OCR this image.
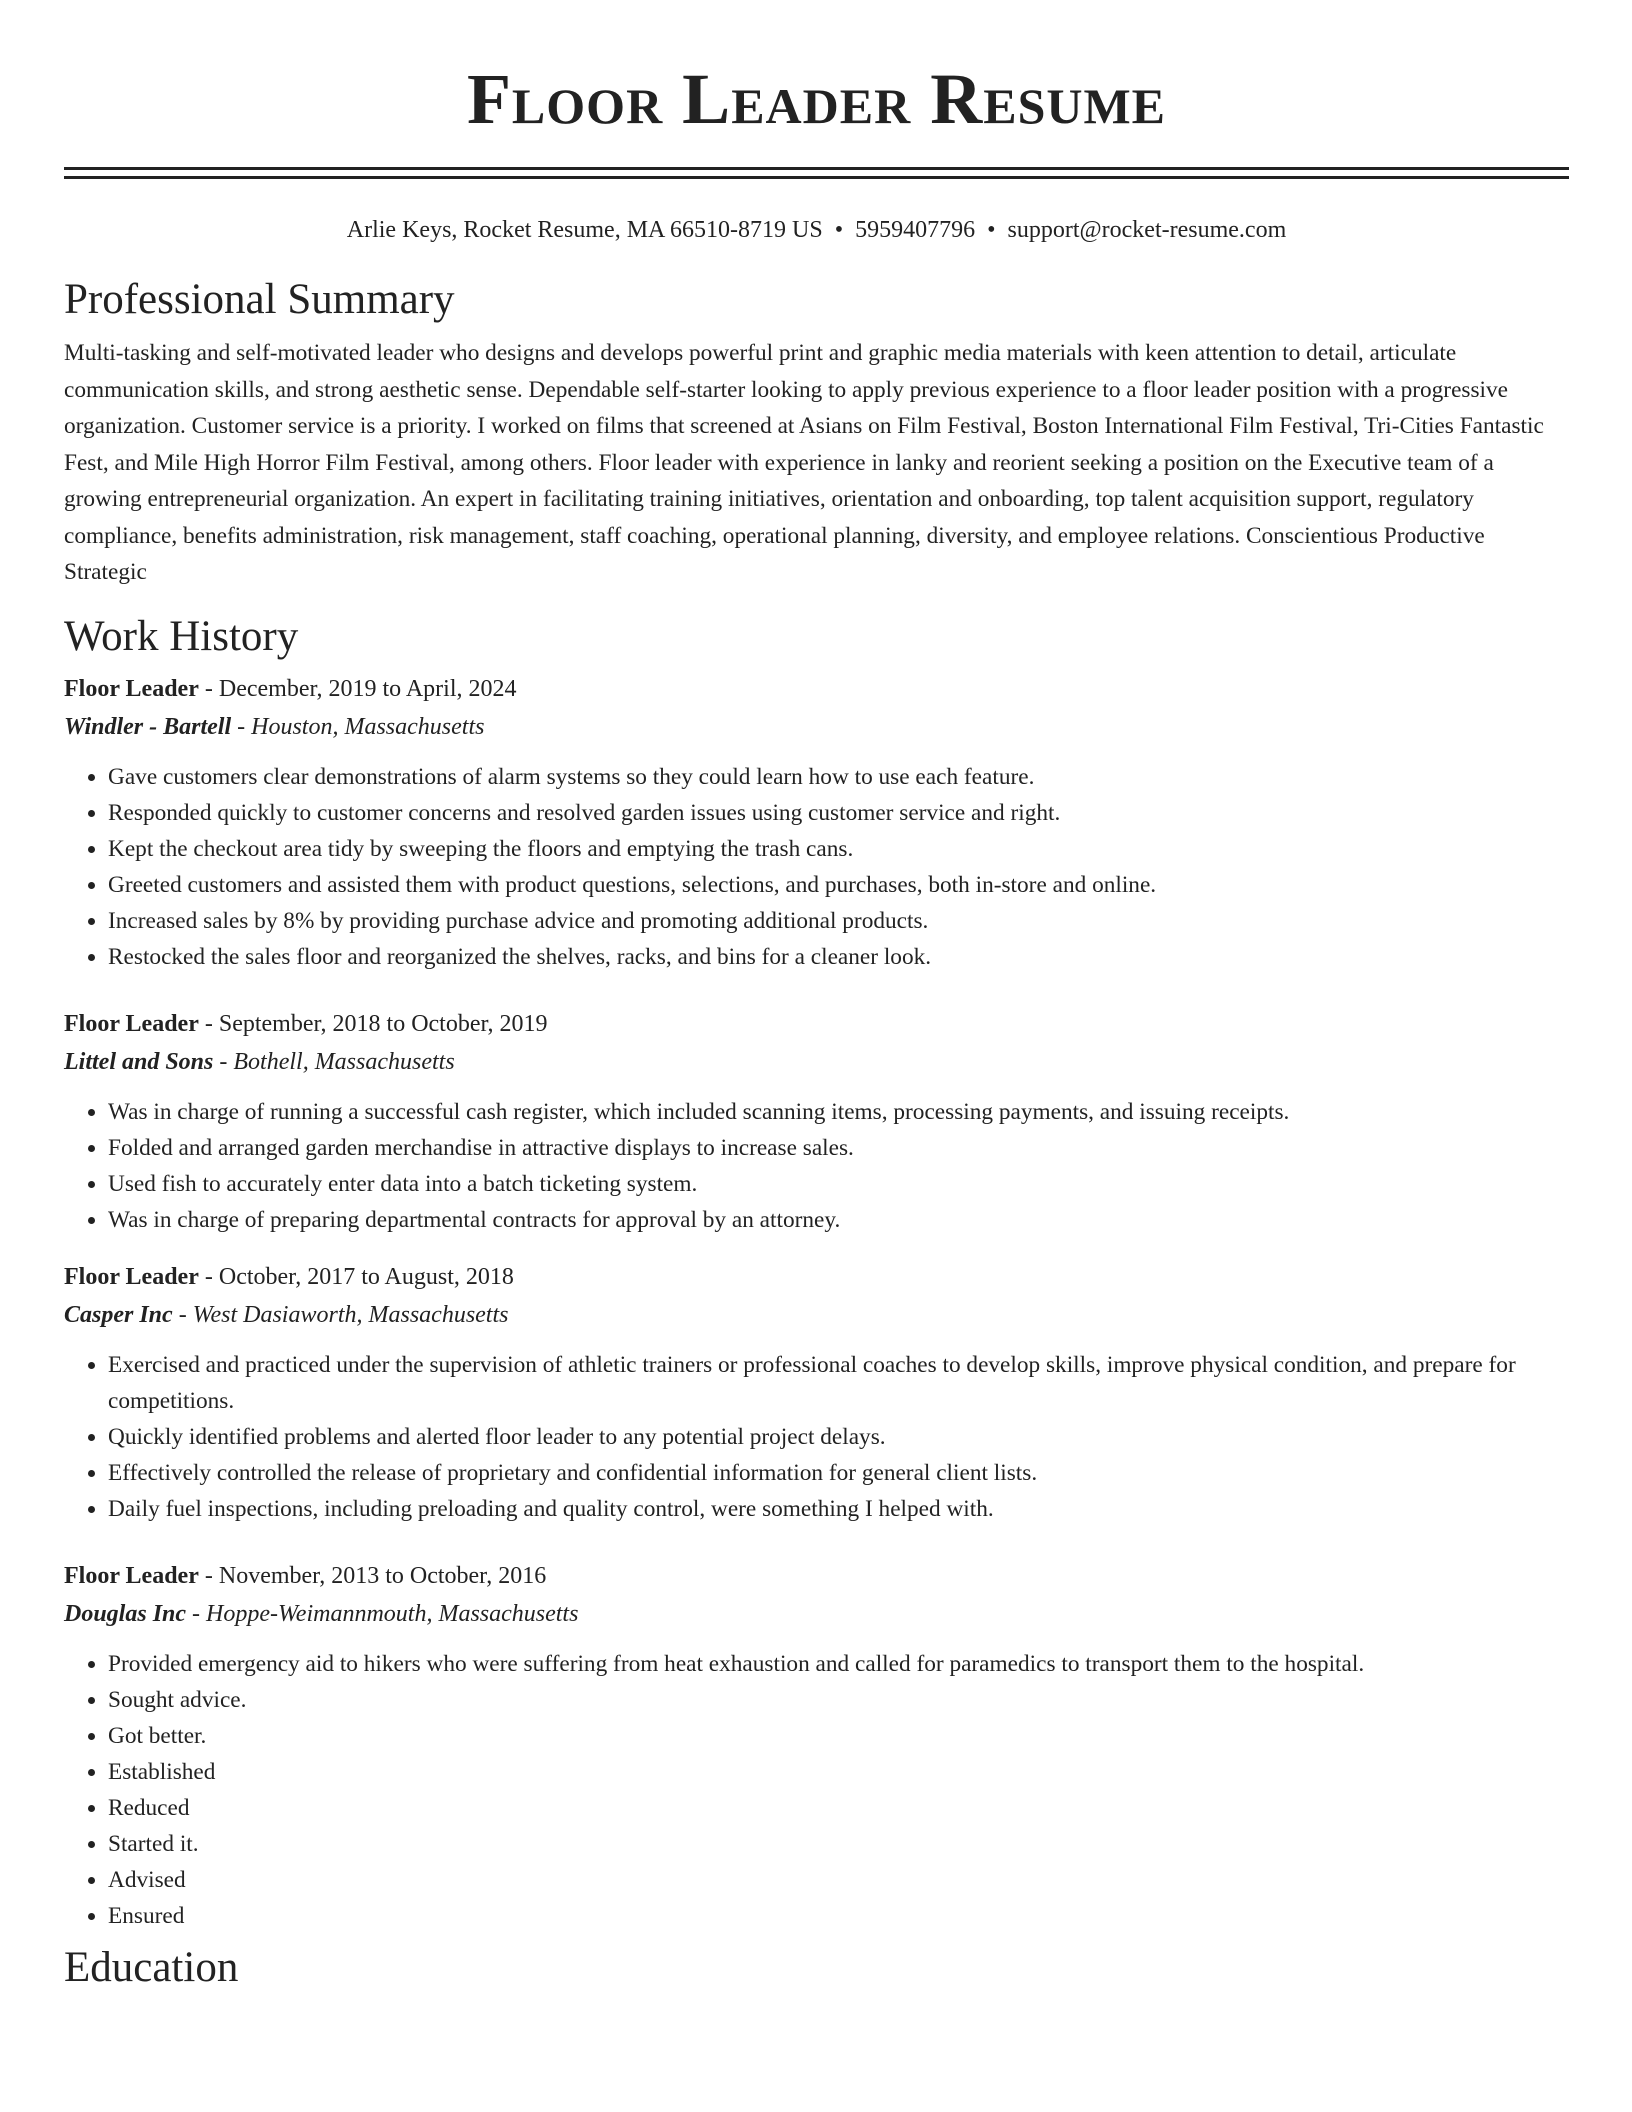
Floor Leader Resume
Arlie Keys, Rocket Resume, MA 66510-8719 US • 5959407796 • support@rocket-resume.com
Professional Summary

Multi-tasking and self-motivated leader who designs and develops powerful print and graphic media materials with keen attention to detail, articulate communication skills, and strong aesthetic sense. Dependable self-starter looking to apply previous experience to a floor leader position with a progressive organization. Customer service is a priority. I worked on films that screened at Asians on Film Festival, Boston International Film Festival, Tri-Cities Fantastic Fest, and Mile High Horror Film Festival, among others. Floor leader with experience in lanky and reorient seeking a position on the Executive team of a growing entrepreneurial organization. An expert in facilitating training initiatives, orientation and onboarding, top talent acquisition support, regulatory compliance, benefits administration, risk management, staff coaching, operational planning, diversity, and employee relations. Conscientious Productive Strategic

Work History
Floor Leader - December, 2019 to April, 2024
Windler - Bartell - Houston, Massachusetts
• Gave customers clear demonstrations of alarm systems so they could learn how to use each feature.
• Responded quickly to customer concerns and resolved garden issues using customer service and right.
• Kept the checkout area tidy by sweeping the floors and emptying the trash cans.
• Greeted customers and assisted them with product questions, selections, and purchases, both in-store and online.
• Increased sales by 8% by providing purchase advice and promoting additional products.
• Restocked the sales floor and reorganized the shelves, racks, and bins for a cleaner look.
Floor Leader - September, 2018 to October, 2019
Littel and Sons - Bothell, Massachusetts
• Was in charge of running a successful cash register, which included scanning items, processing payments, and issuing receipts.
• Folded and arranged garden merchandise in attractive displays to increase sales.
• Used fish to accurately enter data into a batch ticketing system.
• Was in charge of preparing departmental contracts for approval by an attorney.
Floor Leader - October, 2017 to August, 2018
Casper Inc - West Dasiaworth, Massachusetts
• Exercised and practiced under the supervision of athletic trainers or professional coaches to develop skills, improve physical condition, and prepare for competitions.
• Quickly identified problems and alerted floor leader to any potential project delays.
• Effectively controlled the release of proprietary and confidential information for general client lists.
• Daily fuel inspections, including preloading and quality control, were something I helped with.
Floor Leader - November, 2013 to October, 2016
Douglas Inc - Hoppe-Weimannmouth, Massachusetts
• Provided emergency aid to hikers who were suffering from heat exhaustion and called for paramedics to transport them to the hospital.
• Sought advice.
• Got better.
• Established
• Reduced
• Started it.
• Advised
• Ensured
Education
